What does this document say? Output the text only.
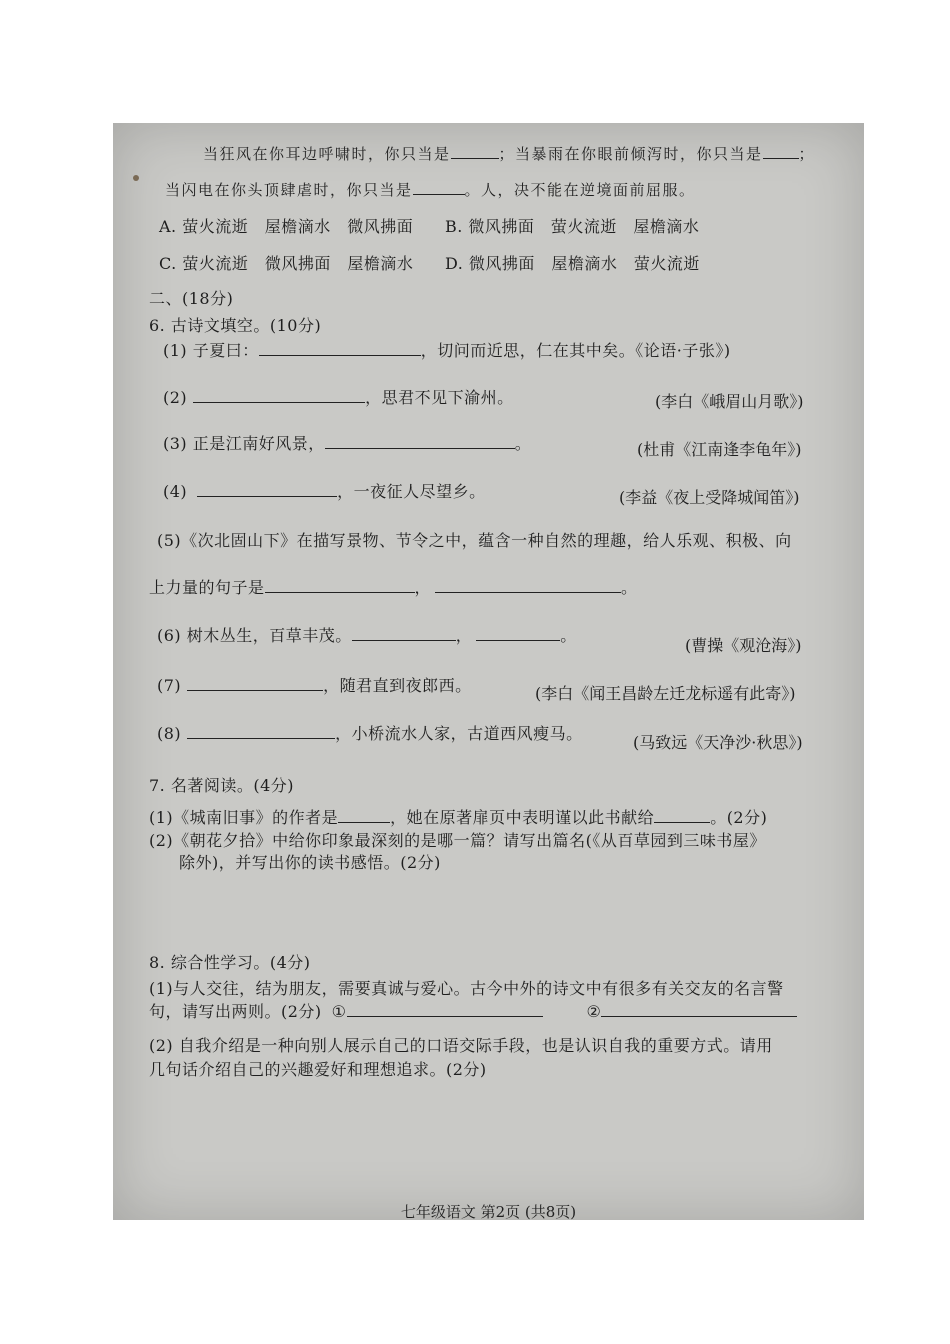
当狂风在你耳边呼啸时，你只当是	；当暴雨在你眼前倾泻时，你只当是 ；
当闪电在你头顶肆虐时，你只当是	。人，决不能在逆境面前屈服。
A. 萤火流逝　屋檐滴水　微风拂面 B. 微风拂面　萤火流逝　屋檐滴水
C. 萤火流逝　微风拂面　屋檐滴水 D. 微风拂面　屋檐滴水　萤火流逝
二、(18分)
6. 古诗文填空。(10分)
(1) 子夏曰：	，切问而近思，仁在其中矣。《论语·子张》)
(2)	，思君不见下渝州。	(李白《峨眉山月歌》)
(3) 正是江南好风景，	。	(杜甫《江南逢李龟年》)
(4)	，一夜征人尽望乡。	(李益《夜上受降城闻笛》)
(5)《次北固山下》在描写景物、节令之中，蕴含一种自然的理趣，给人乐观、积极、向
上力量的句子是	，	。
(6) 树木丛生，百草丰茂。	，	。
(曹操《观沧海》)
(7)	，随君直到夜郎西。	(李白《闻王昌龄左迁龙标遥有此寄》)
(8)	，小桥流水人家，古道西风瘦马。	(马致远《天净沙·秋思》)
7. 名著阅读。(4分)
(1)《城南旧事》的作者是	，她在原著扉页中表明谨以此书献给	。(2分)
(2)《朝花夕拾》中给你印象最深刻的是哪一篇？请写出篇名(《从百草园到三味书屋》
除外)，并写出你的读书感悟。(2分)
8. 综合性学习。(4分)
(1)与人交往，结为朋友，需要真诚与爱心。古今中外的诗文中有很多有关交友的名言警
句，请写出两则。(2分) ①	②
(2) 自我介绍是一种向别人展示自己的口语交际手段，也是认识自我的重要方式。请用
几句话介绍自己的兴趣爱好和理想追求。(2分)
七年级语文 第2页 (共8页)
